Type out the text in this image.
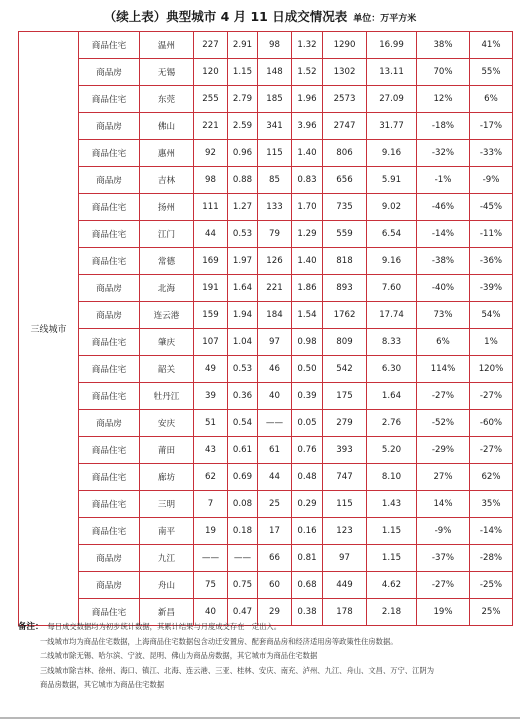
（续上表）典型城市 4 月 11 日成交情况表 单位：万平方米
三线城市	商品住宅	温州	227	2.91	98	1.32	1290	16.99	38%	41%
	商品房	无锡	120	1.15	148	1.52	1302	13.11	70%	55%
	商品住宅	东莞	255	2.79	185	1.96	2573	27.09	12%	6%
	商品房	佛山	221	2.59	341	3.96	2747	31.77	-18%	-17%
	商品住宅	惠州	92	0.96	115	1.40	806	9.16	-32%	-33%
	商品房	吉林	98	0.88	85	0.83	656	5.91	-1%	-9%
	商品住宅	扬州	111	1.27	133	1.70	735	9.02	-46%	-45%
	商品住宅	江门	44	0.53	79	1.29	559	6.54	-14%	-11%
	商品住宅	常德	169	1.97	126	1.40	818	9.16	-38%	-36%
	商品房	北海	191	1.64	221	1.86	893	7.60	-40%	-39%
	商品房	连云港	159	1.94	184	1.54	1762	17.74	73%	54%
	商品住宅	肇庆	107	1.04	97	0.98	809	8.33	6%	1%
	商品住宅	韶关	49	0.53	46	0.50	542	6.30	114%	120%
	商品住宅	牡丹江	39	0.36	40	0.39	175	1.64	-27%	-27%
	商品房	安庆	51	0.54	——	0.05	279	2.76	-52%	-60%
	商品住宅	莆田	43	0.61	61	0.76	393	5.20	-29%	-27%
	商品住宅	廊坊	62	0.69	44	0.48	747	8.10	27%	62%
	商品住宅	三明	7	0.08	25	0.29	115	1.43	14%	35%
	商品住宅	南平	19	0.18	17	0.16	123	1.15	-9%	-14%
	商品房	九江	——	——	66	0.81	97	1.15	-37%	-28%
	商品房	舟山	75	0.75	60	0.68	449	4.62	-27%	-25%
	商品住宅	新昌	40	0.47	29	0.38	178	2.18	19%	25%
备注： 每日成交数据均为初步统计数据，其累计结果与月度成交存在一定出入。
一线城市均为商品住宅数据，上海商品住宅数据包含动迁安置房、配套商品房和经济适用房等政策性住房数据。
二线城市除无锡、哈尔滨、宁波、昆明、佛山为商品房数据，其它城市为商品住宅数据
三线城市除吉林、徐州、海口、镇江、北海、连云港、三亚、桂林、安庆、南充、泸州、九江、舟山、文昌、万宁、江阴为
商品房数据，其它城市为商品住宅数据
